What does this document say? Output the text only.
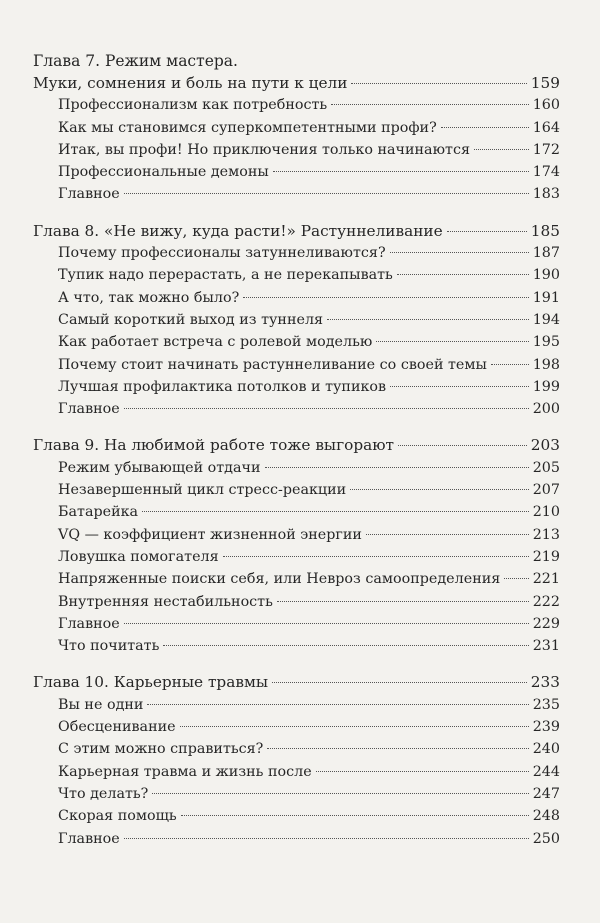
Глава 7. Режим мастера.
Муки, сомнения и боль на пути к цели	159
Профессионализм как потребность	160
Как мы становимся суперкомпетентными профи?	164
Итак, вы профи! Но приключения только начинаются	172
Профессиональные демоны	174
Главное	183
Глава 8. «Не вижу, куда расти!» Растуннеливание	185
Почему профессионалы затуннеливаются?	187
Тупик надо перерастать, а не перекапывать	190
А что, так можно было?	191
Самый короткий выход из туннеля	194
Как работает встреча с ролевой моделью	195
Почему стоит начинать растуннеливание со своей темы	198
Лучшая профилактика потолков и тупиков	199
Главное	200
Глава 9. На любимой работе тоже выгорают	203
Режим убывающей отдачи	205
Незавершенный цикл стресс-реакции	207
Батарейка	210
VQ — коэффициент жизненной энергии	213
Ловушка помогателя	219
Напряженные поиски себя, или Невроз самоопределения 221
Внутренняя нестабильность	222
Главное	229
Что почитать	231
Глава 10. Карьерные травмы	233
Вы не одни	235
Обесценивание	239
С этим можно справиться?	240
Карьерная травма и жизнь после	244
Что делать?	247
Скорая помощь	248
Главное	250
